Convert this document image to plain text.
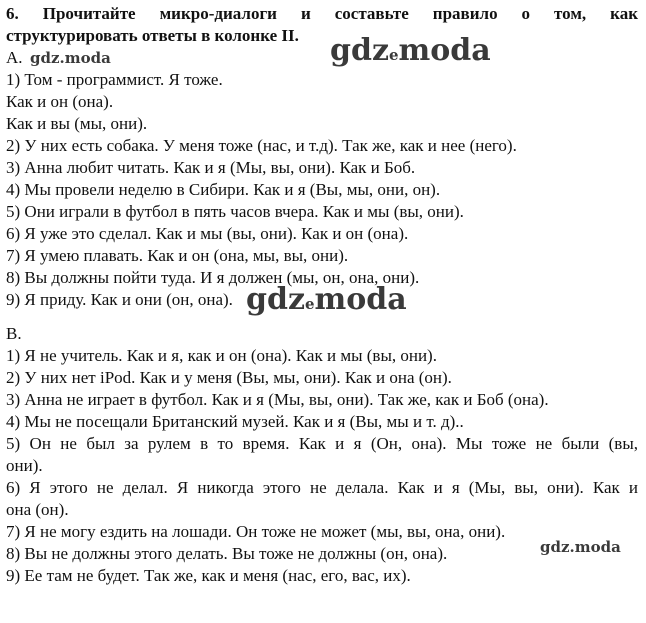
6. Прочитайте микро-диалоги и составьте правило о том, как
структурировать ответы в колонке II.

A.

1) Том - программист. Я тоже.

Как и он (она).

Как и вы (мы, они).

2) У них есть собака. У меня тоже (нас, и т.д). Так же, как и нее (него).

3) Анна любит читать. Как и я (Мы, вы, они). Как и Боб.

4) Мы провели неделю в Сибири. Как и я (Вы, мы, они, он).

5) Они играли в футбол в пять часов вчера. Как и мы (вы, они).

6) Я уже это сделал. Как и мы (вы, они). Как и он (она).

7) Я умею плавать. Как и он (она, мы, вы, они).

8) Вы должны пойти туда. И я должен (мы, он, она, они).

9) Я приду. Как и они (он, она).

B.

1) Я не учитель. Как и я, как и он (она). Как и мы (вы, они).

2) У них нет iPod. Как и у меня (Вы, мы, они). Как и она (он).

3) Анна не играет в футбол. Как и я (Мы, вы, они). Так же, как и Боб (она).

4) Мы не посещали Британский музей. Как и я (Вы, мы и т. д)..

5) Он не был за рулем в то время. Как и я (Он, она). Мы тоже не были (вы,
они).

6) Я этого не делал. Я никогда этого не делала. Как и я (Мы, вы, они). Как и
она (он).

7) Я не могу ездить на лошади. Он тоже не может (мы, вы, она, они).

8) Вы не должны этого делать. Вы тоже не должны (он, она).

9) Ее там не будет. Так же, как и меня (нас, его, вас, их).

gdz.moda	gdzemoda
gdzemoda
gdz.moda
